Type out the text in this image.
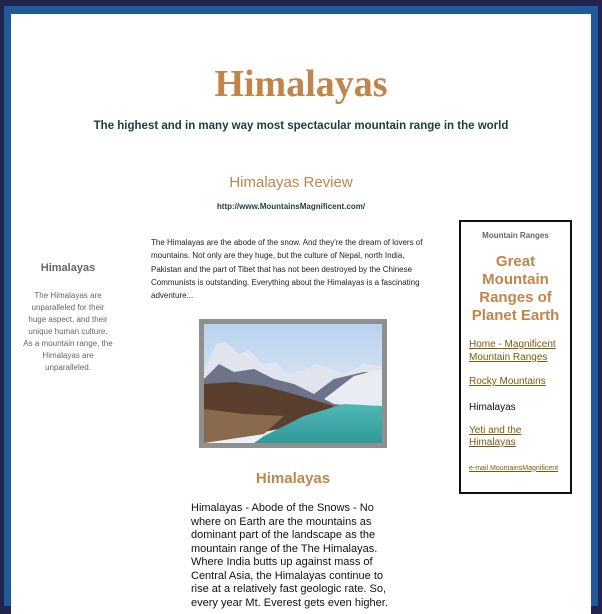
Himalayas
The highest and in many way most spectacular mountain range in the world
Himalayas Review
http://www.MountainsMagnificent.com/
The Himalayas are the abode of the snow. And they're the dream of lovers of mountains. Not only are they huge, but the culture of Nepal, north India, Pakistan and the part of Tibet that has not been destroyed by the Chinese Communists is outstanding. Everything about the Himalayas is a fascinating adventure...
Himalayas
The Himalayas are unparalleled for their huge aspect, and their unique human culture. As a mountain range, the Himalayas are unparalleled.
Himalayas
Himalayas - Abode of the Snows - No where on Earth are the mountains as dominant part of the landscape as the mountain range of the The Himalayas. Where India butts up against mass of Central Asia, the Himalayas continue to rise at a relatively fast geologic rate. So, every year Mt. Everest gets even higher.
Mountain Ranges
Great Mountain Ranges of Planet Earth
Home - Magnificent Mountain Ranges
Rocky Mountains
Himalayas
Yeti and the Himalayas
e-mail MountainsMagnificent
